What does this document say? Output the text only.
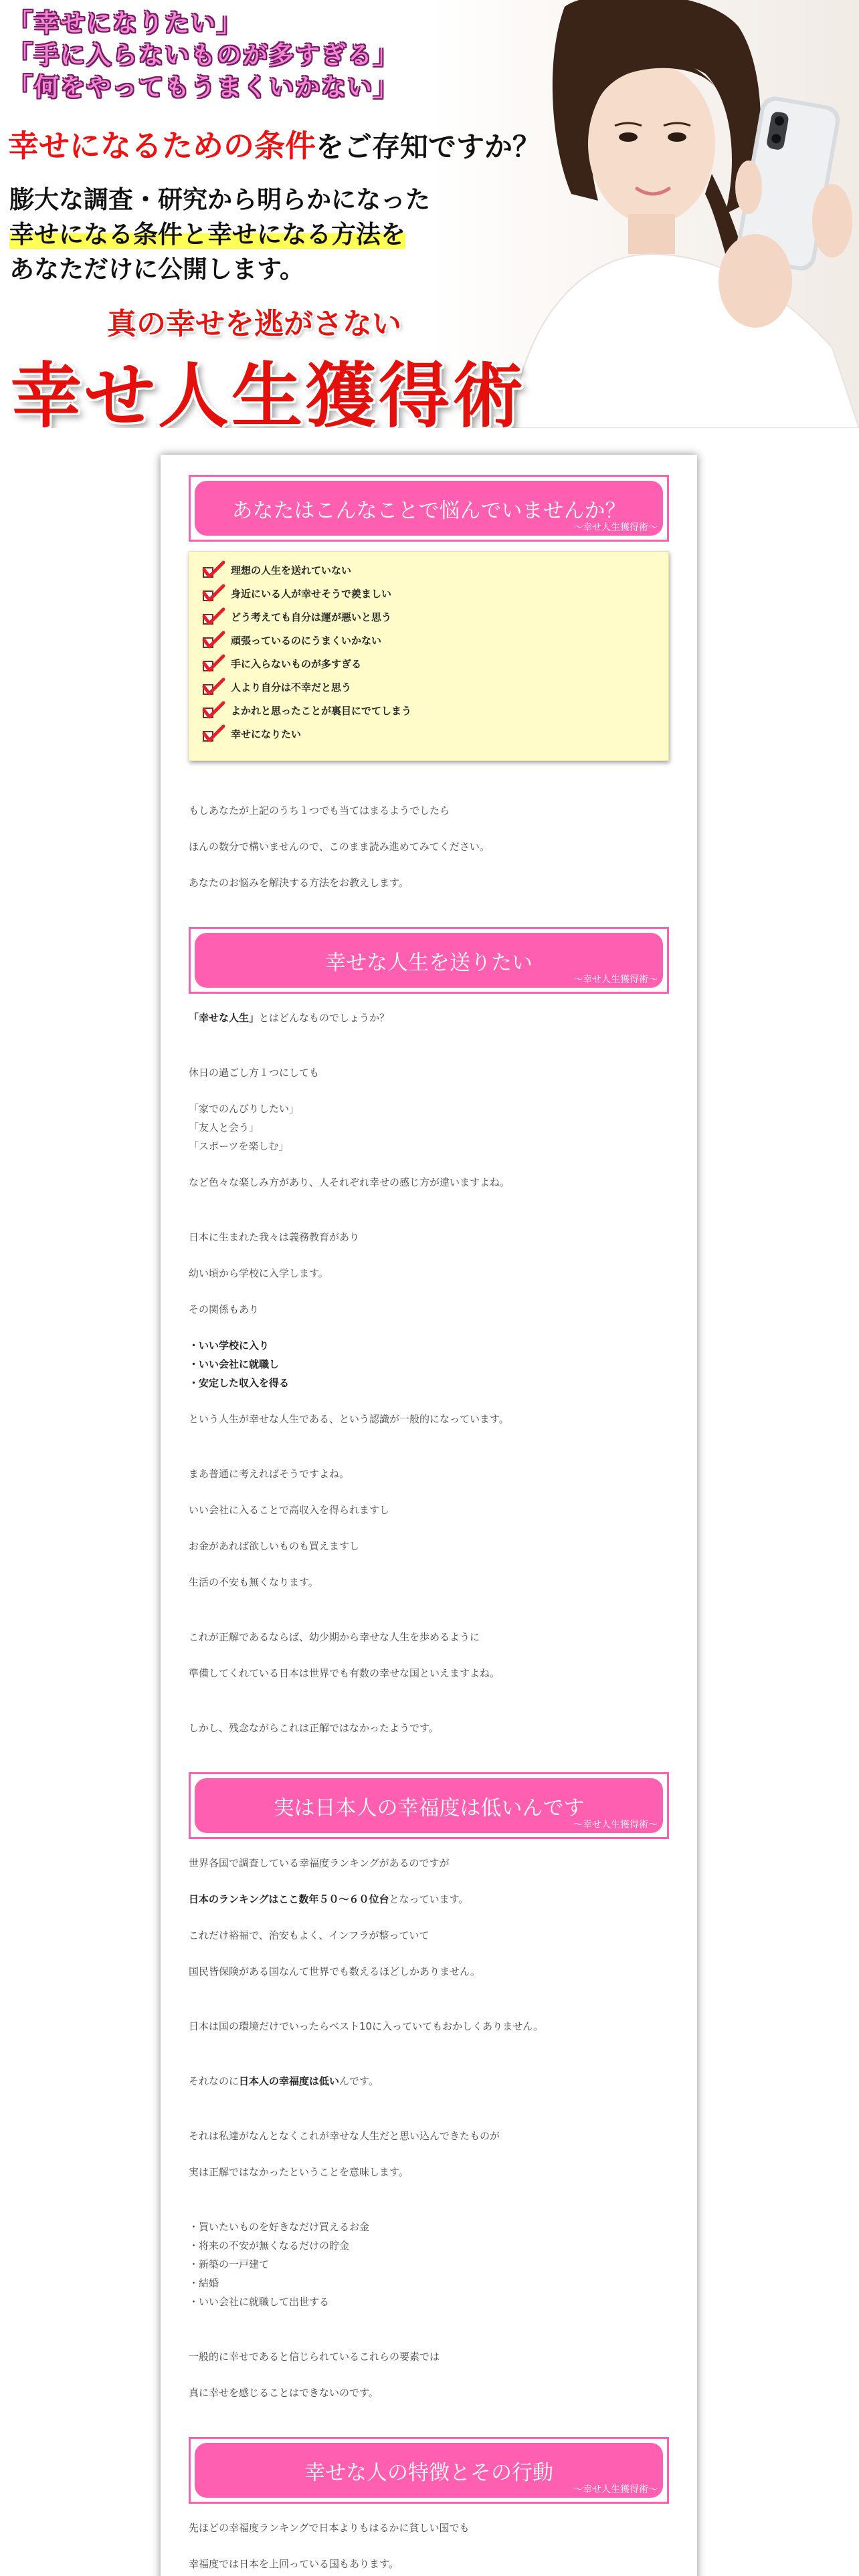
「幸せになりたい」
「手に入らないものが多すぎる」
「何をやってもうまくいかない」
幸せになるための条件をご存知ですか？
膨大な調査・研究から明らかになった
幸せになる条件と幸せになる方法を
あなただけに公開します。
真の幸せを逃がさない
幸せ人生獲得術
あなたはこんなことで悩んでいませんか？
～幸せ人生獲得術～
理想の人生を送れていない
身近にいる人が幸せそうで羨ましい
どう考えても自分は運が悪いと思う
頑張っているのにうまくいかない
手に入らないものが多すぎる
人より自分は不幸だと思う
よかれと思ったことが裏目にでてしまう
幸せになりたい
もしあなたが上記のうち１つでも当てはまるようでしたら
ほんの数分で構いませんので、このまま読み進めてみてください。
あなたのお悩みを解決する方法をお教えします。
幸せな人生を送りたい
～幸せ人生獲得術～
「幸せな人生」とはどんなものでしょうか？
休日の過ごし方１つにしても
「家でのんびりしたい」
「友人と会う」
「スポーツを楽しむ」
など色々な楽しみ方があり、人それぞれ幸せの感じ方が違いますよね。
日本に生まれた我々は義務教育があり
幼い頃から学校に入学します。
その関係もあり
・いい学校に入り
・いい会社に就職し
・安定した収入を得る
という人生が幸せな人生である、という認識が一般的になっています。
まあ普通に考えればそうですよね。
いい会社に入ることで高収入を得られますし
お金があれば欲しいものも買えますし
生活の不安も無くなります。
これが正解であるならば、幼少期から幸せな人生を歩めるように
準備してくれている日本は世界でも有数の幸せな国といえますよね。
しかし、残念ながらこれは正解ではなかったようです。
実は日本人の幸福度は低いんです
～幸せ人生獲得術～
世界各国で調査している幸福度ランキングがあるのですが
日本のランキングはここ数年５０～６０位台となっています。
これだけ裕福で、治安もよく、インフラが整っていて
国民皆保険がある国なんて世界でも数えるほどしかありません。
日本は国の環境だけでいったらベスト10に入っていてもおかしくありません。
それなのに日本人の幸福度は低いんです。
それは私達がなんとなくこれが幸せな人生だと思い込んできたものが
実は正解ではなかったということを意味します。
・買いたいものを好きなだけ買えるお金
・将来の不安が無くなるだけの貯金
・新築の一戸建て
・結婚
・いい会社に就職して出世する
一般的に幸せであると信じられているこれらの要素では
真に幸せを感じることはできないのです。
幸せな人の特徴とその行動
～幸せ人生獲得術～
先ほどの幸福度ランキングで日本よりもはるかに貧しい国でも
幸福度では日本を上回っている国もあります。
